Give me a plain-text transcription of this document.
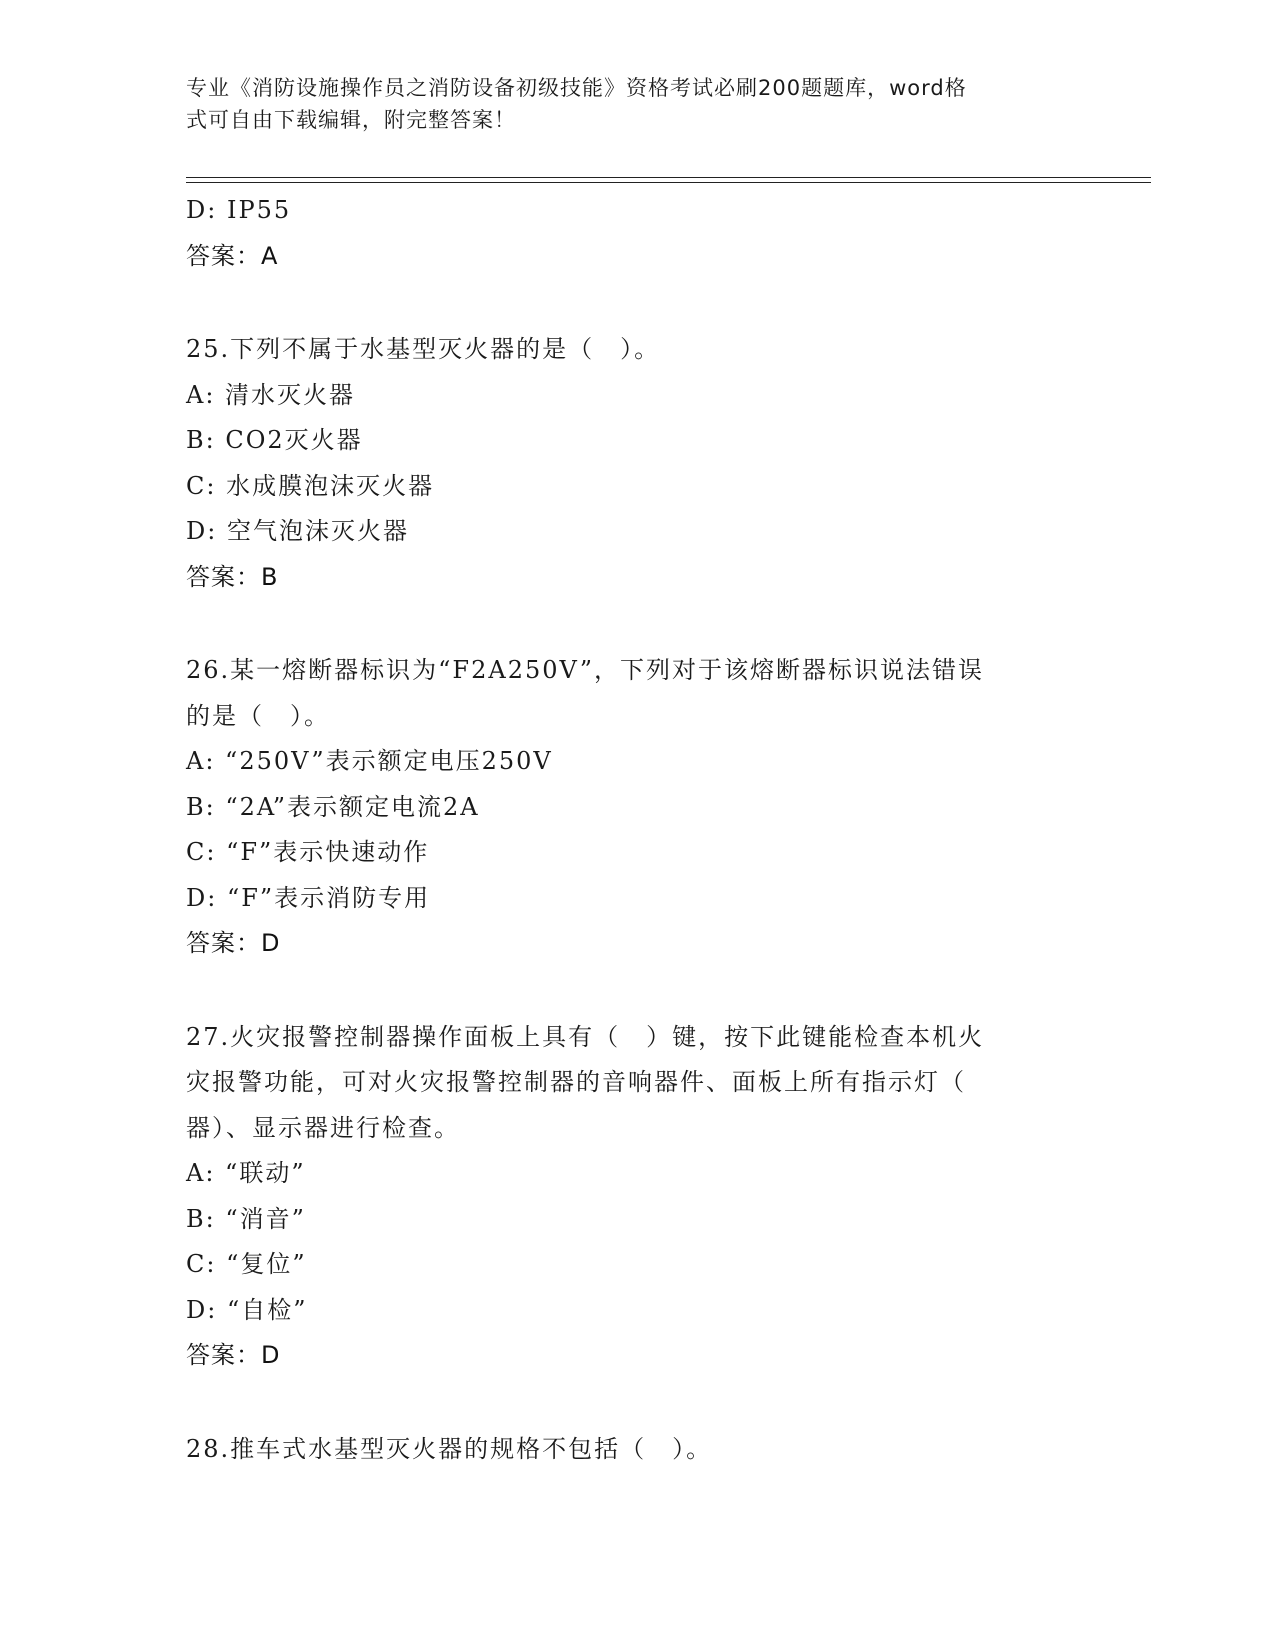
专业《消防设施操作员之消防设备初级技能》资格考试必刷200题题库，word格
式可自由下载编辑，附完整答案！
D: IP55
答案：A
25.下列不属于水基型灭火器的是（　）。
A: 清水灭火器
B: CO2灭火器
C: 水成膜泡沫灭火器
D: 空气泡沫灭火器
答案：B
26.某一熔断器标识为“F2A250V”，下列对于该熔断器标识说法错误
的是（　）。
A: “250V”表示额定电压250V
B: “2A”表示额定电流2A
C: “F”表示快速动作
D: “F”表示消防专用
答案：D
27.火灾报警控制器操作面板上具有（　）键，按下此键能检查本机火
灾报警功能，可对火灾报警控制器的音响器件、面板上所有指示灯（
器）、显示器进行检查。
A: “联动”
B: “消音”
C: “复位”
D: “自检”
答案：D
28.推车式水基型灭火器的规格不包括（　）。
